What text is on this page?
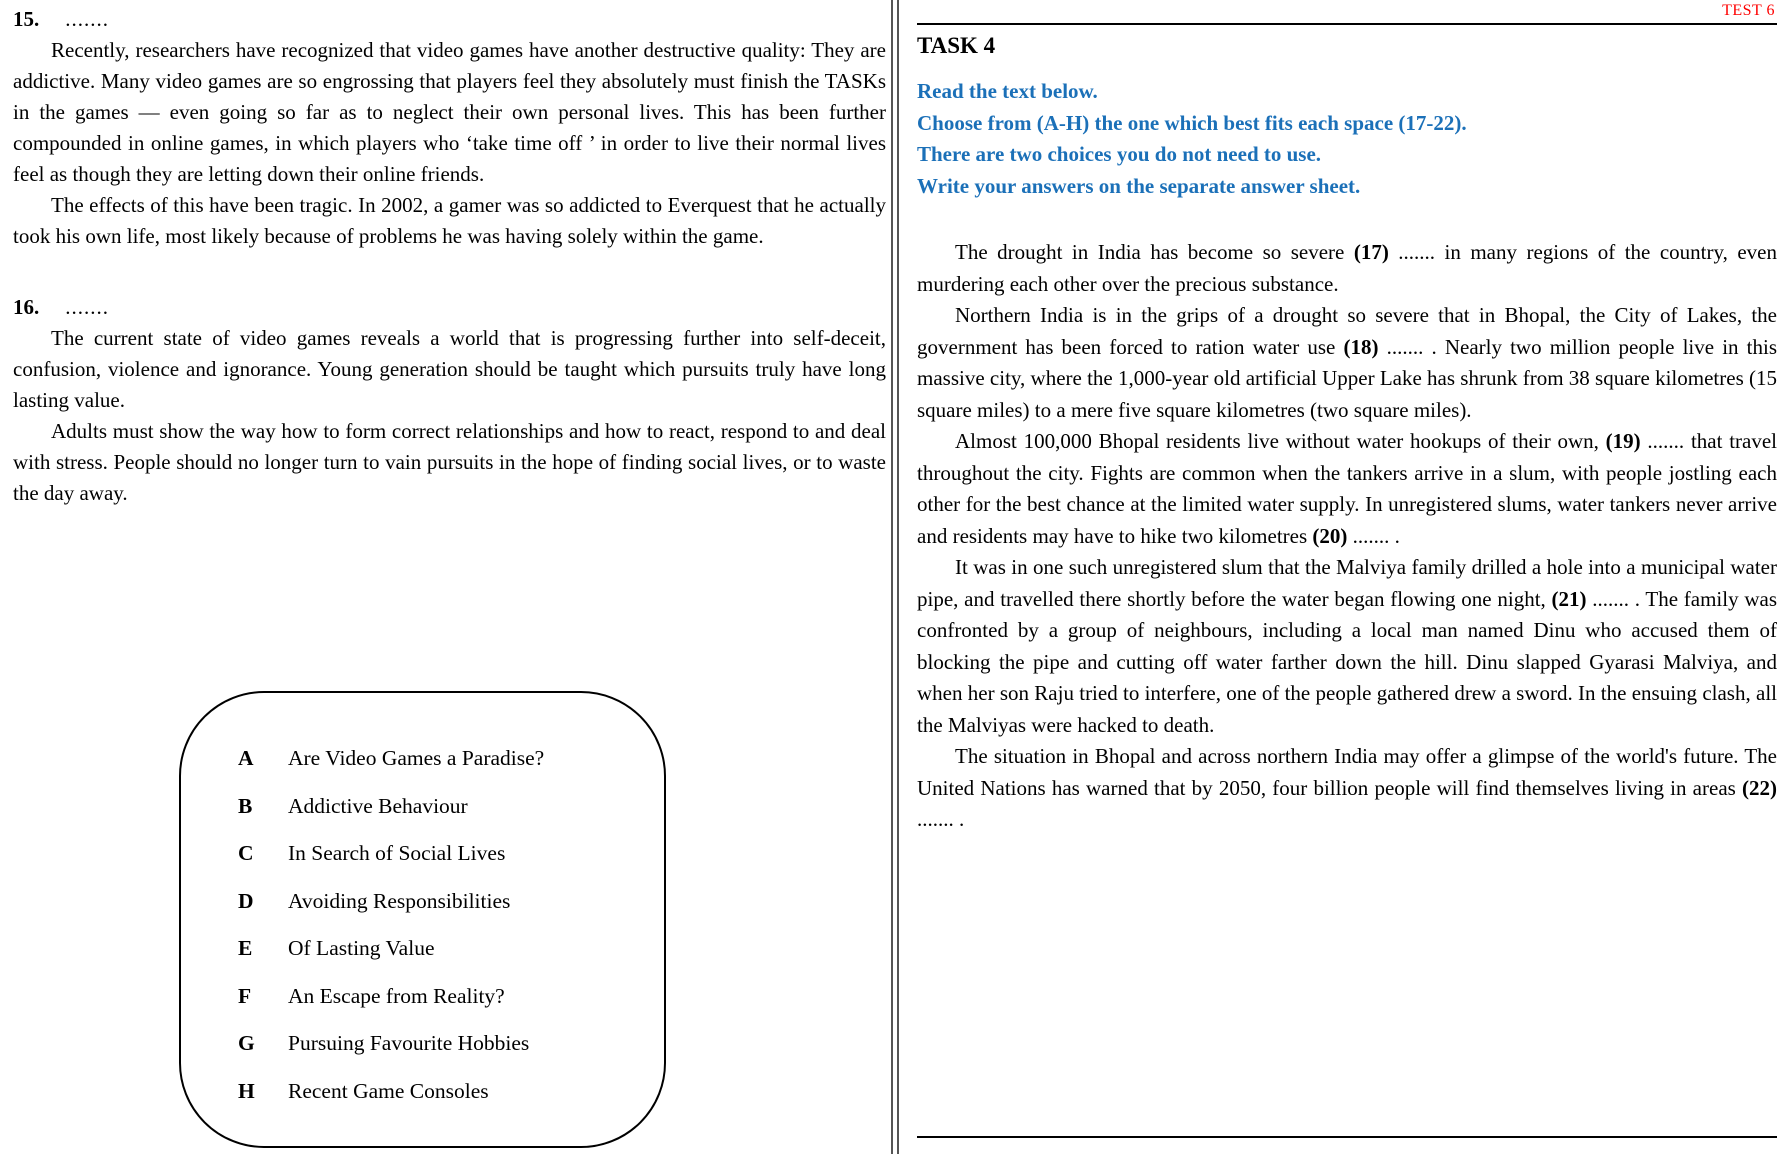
15. .......

Recently, researchers have recognized that video games have another destructive quality: They are addictive. Many video games are so engrossing that players feel they absolutely must finish the TASKs in the games — even going so far as to neglect their own personal lives. This has been further compounded in online games, in which players who ‘take time off ’ in order to live their normal lives feel as though they are letting down their online friends.

The effects of this have been tragic. In 2002, a gamer was so addicted to Everquest that he actually took his own life, most likely because of problems he was having solely within the game.

16. .......

The current state of video games reveals a world that is progressing further into self-deceit, confusion, violence and ignorance. Young generation should be taught which pursuits truly have long lasting value.

Adults must show the way how to form correct relationships and how to react, respond to and deal with stress. People should no longer turn to vain pursuits in the hope of finding social lives, or to waste the day away.

A	Are Video Games a Paradise?
B	Addictive Behaviour
C	In Search of Social Lives
D	Avoiding Responsibilities
E	Of Lasting Value
F	An Escape from Reality?
G	Pursuing Favourite Hobbies
H	Recent Game Consoles
TEST 6
TASK 4

Read the text below.

Choose from (A-H) the one which best fits each space (17-22).

There are two choices you do not need to use.

Write your answers on the separate answer sheet.

The drought in India has become so severe (17) ....... in many regions of the country, even murdering each other over the precious substance.

Northern India is in the grips of a drought so severe that in Bhopal, the City of Lakes, the government has been forced to ration water use (18) ....... . Nearly two million people live in this massive city, where the 1,000-year old artificial Upper Lake has shrunk from 38 square kilometres (15 square miles) to a mere five square kilometres (two square miles).

Almost 100,000 Bhopal residents live without water hookups of their own, (19) ....... that travel throughout the city. Fights are common when the tankers arrive in a slum, with people jostling each other for the best chance at the limited water supply. In unregistered slums, water tankers never arrive and residents may have to hike two kilometres (20) ....... .

It was in one such unregistered slum that the Malviya family drilled a hole into a municipal water pipe, and travelled there shortly before the water began flowing one night, (21) ....... . The family was confronted by a group of neighbours, including a local man named Dinu who accused them of blocking the pipe and cutting off water farther down the hill. Dinu slapped Gyarasi Malviya, and when her son Raju tried to interfere, one of the people gathered drew a sword. In the ensuing clash, all the Malviyas were hacked to death.

The situation in Bhopal and across northern India may offer a glimpse of the world's future. The United Nations has warned that by 2050, four billion people will find themselves living in areas (22) ....... .
